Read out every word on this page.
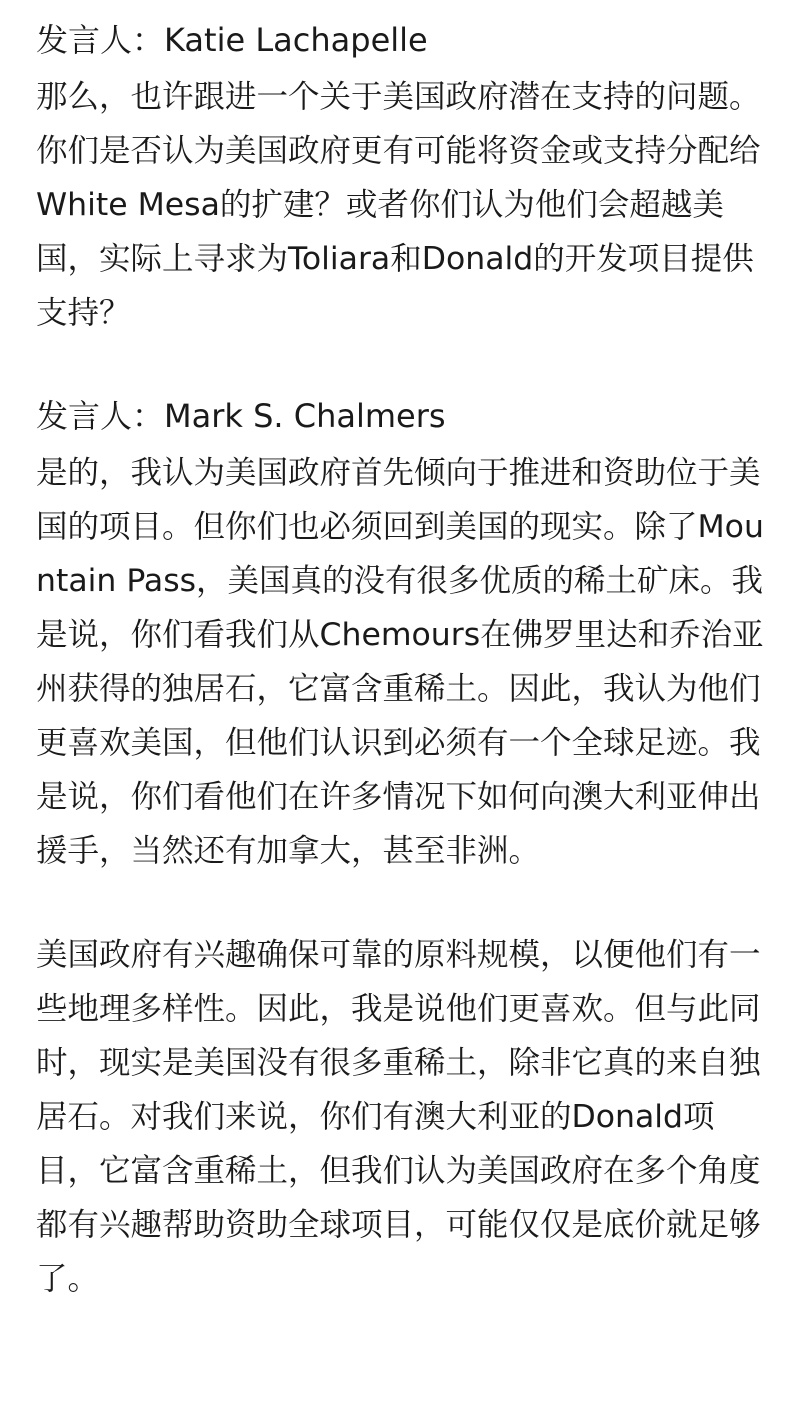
发言人：Katie Lachapelle

那么，也许跟进一个关于美国政府潜在支持的问题。你们是否认为美国政府更有可能将资金或支持分配给White Mesa的扩建？或者你们认为他们会超越美国，实际上寻求为Toliara和Donald的开发项目提供支持？

发言人：Mark S. Chalmers

是的，我认为美国政府首先倾向于推进和资助位于美国的项目。但你们也必须回到美国的现实。除了Mountain Pass，美国真的没有很多优质的稀土矿床。我是说，你们看我们从Chemours在佛罗里达和乔治亚州获得的独居石，它富含重稀土。因此，我认为他们更喜欢美国，但他们认识到必须有一个全球足迹。我是说，你们看他们在许多情况下如何向澳大利亚伸出援手，当然还有加拿大，甚至非洲。

美国政府有兴趣确保可靠的原料规模，以便他们有一些地理多样性。因此，我是说他们更喜欢。但与此同时，现实是美国没有很多重稀土，除非它真的来自独居石。对我们来说，你们有澳大利亚的Donald项目，它富含重稀土，但我们认为美国政府在多个角度都有兴趣帮助资助全球项目，可能仅仅是底价就足够了。
